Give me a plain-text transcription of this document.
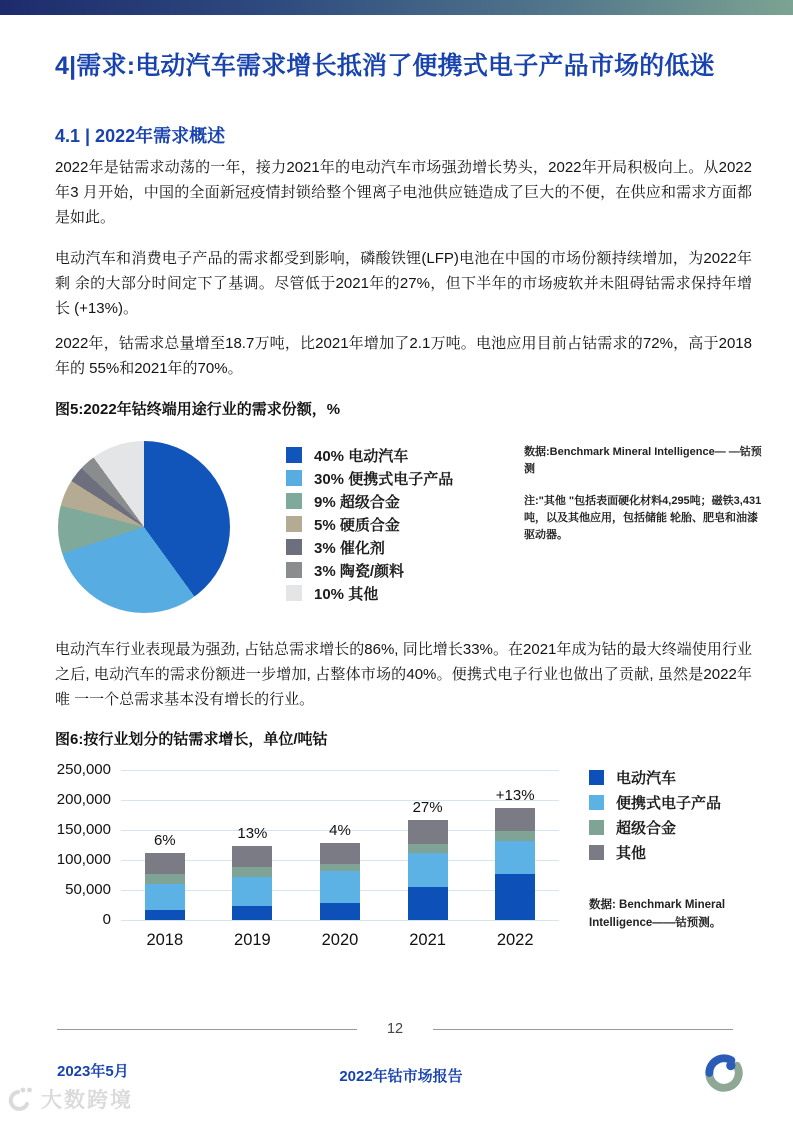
4|需求:电动汽车需求增长抵消了便携式电子产品市场的低迷
4.1 | 2022年需求概述

2022年是钴需求动荡的一年，接力2021年的电动汽车市场强劲增长势头，2022年开局积极向上。从2022年3 月开始，中国的全面新冠疫情封锁给整个锂离子电池供应链造成了巨大的不便，在供应和需求方面都是如此。

电动汽车和消费电子产品的需求都受到影响，磷酸铁锂(LFP)电池在中国的市场份额持续增加，为2022年剩 余的大部分时间定下了基调。尽管低于2021年的27%，但下半年的市场疲软并未阻碍钴需求保持年增长 (+13%)。

2022年，钴需求总量增至18.7万吨，比2021年增加了2.1万吨。电池应用目前占钴需求的72%，高于2018年的 55%和2021年的70%。

图5:2022年钴终端用途行业的需求份额，%
40% 电动汽车
30% 便携式电子产品
9% 超级合金
5% 硬质合金
3% 催化剂
3% 陶瓷/颜料
10% 其他
数据:Benchmark Mineral Intelligence— —钴预测
注:"其他 "包括表面硬化材料4,295吨；磁铁3,431吨，以及其他应用，包括储能 轮胎、肥皂和油漆驱动器。

电动汽车行业表现最为强劲, 占钴总需求增长的86%, 同比增长33%。在2021年成为钴的最大终端使用行业 之后, 电动汽车的需求份额进一步增加, 占整体市场的40%。便携式电子行业也做出了贡献, 虽然是2022年唯 一一个总需求基本没有增长的行业。

图6:按行业划分的钴需求增长，单位/吨钴
250,000
200,000
150,000
100,000
50,000
0
6%
2018
13%
2019
4%
2020
27%
2021
+13%
2022
电动汽车
便携式电子产品
超级合金
其他
数据: Benchmark Mineral Intelligence——钴预测。
12
2023年5月	2022年钴市场报告
大数跨境
